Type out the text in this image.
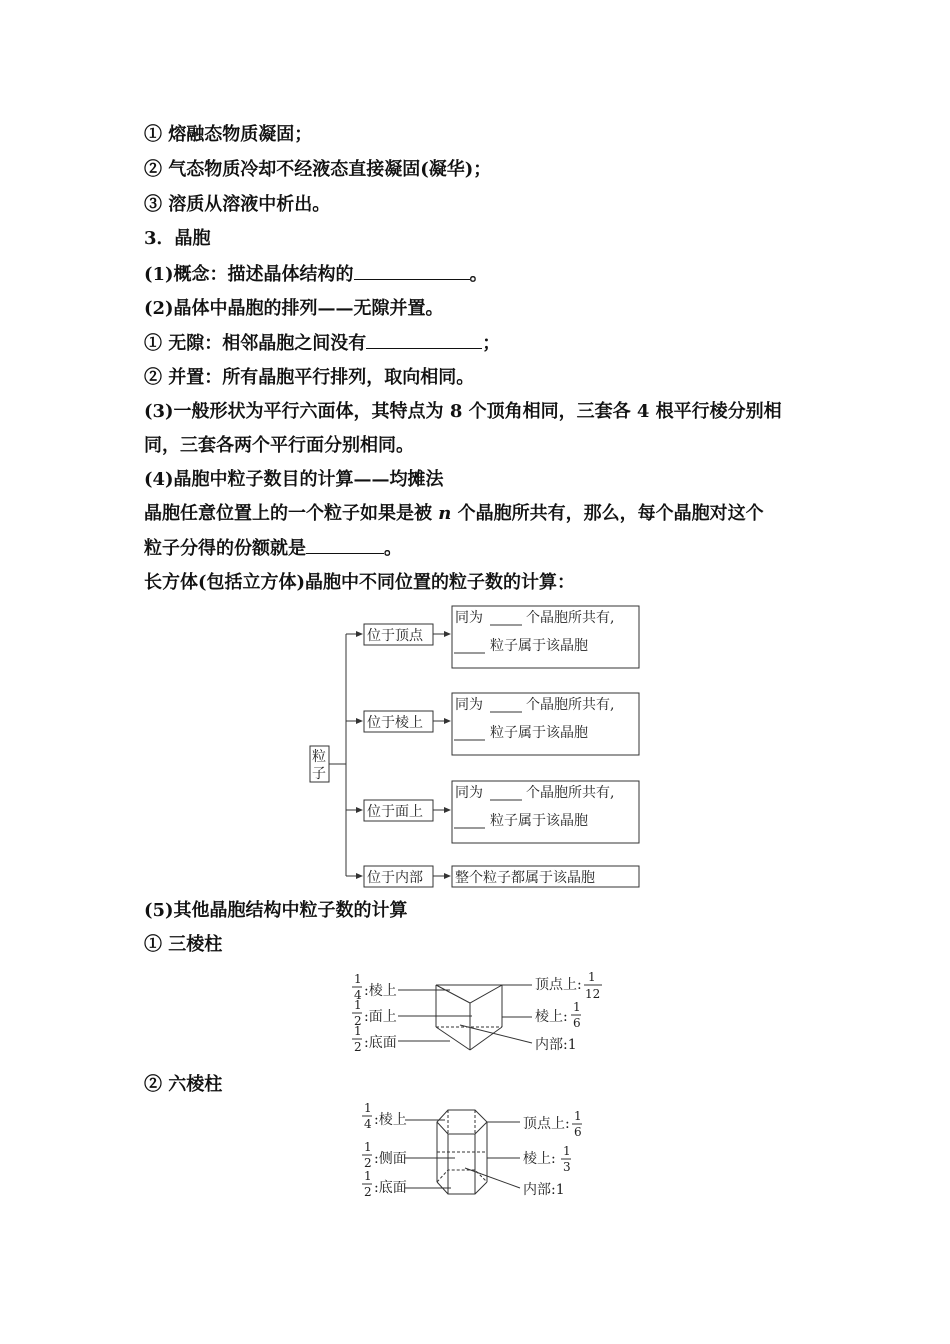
① 熔融态物质凝固；
② 气态物质冷却不经液态直接凝固(凝华)；
③ 溶质从溶液中析出。
3．晶胞
(1)概念：描述晶体结构的	。
(2)晶体中晶胞的排列——无隙并置。
① 无隙：相邻晶胞之间没有	；
② 并置：所有晶胞平行排列，取向相同。
(3)一般形状为平行六面体，其特点为 8 个顶角相同，三套各 4 根平行棱分别相
同，三套各两个平行面分别相同。
(4)晶胞中粒子数目的计算——均摊法
晶胞任意位置上的一个粒子如果是被 n 个晶胞所共有，那么，每个晶胞对这个
粒子分得的份额就是	。
长方体(包括立方体)晶胞中不同位置的粒子数的计算：
粒
子
位于顶点
同为	个晶胞所共有,
粒子属于该晶胞
位于棱上
同为	个晶胞所共有,
粒子属于该晶胞
位于面上
同为	个晶胞所共有,
粒子属于该晶胞
位于内部 整个粒子都属于该晶胞
(5)其他晶胞结构中粒子数的计算
① 三棱柱
1
4 :棱上
1
2 :面上
1
2 :底面
顶点上: 1
12
棱上:
1
6
内部:1
② 六棱柱
1
4 :棱上
1
2 :侧面
1
2 :底面
顶点上: 1
6
棱上: 1
3
内部:1
